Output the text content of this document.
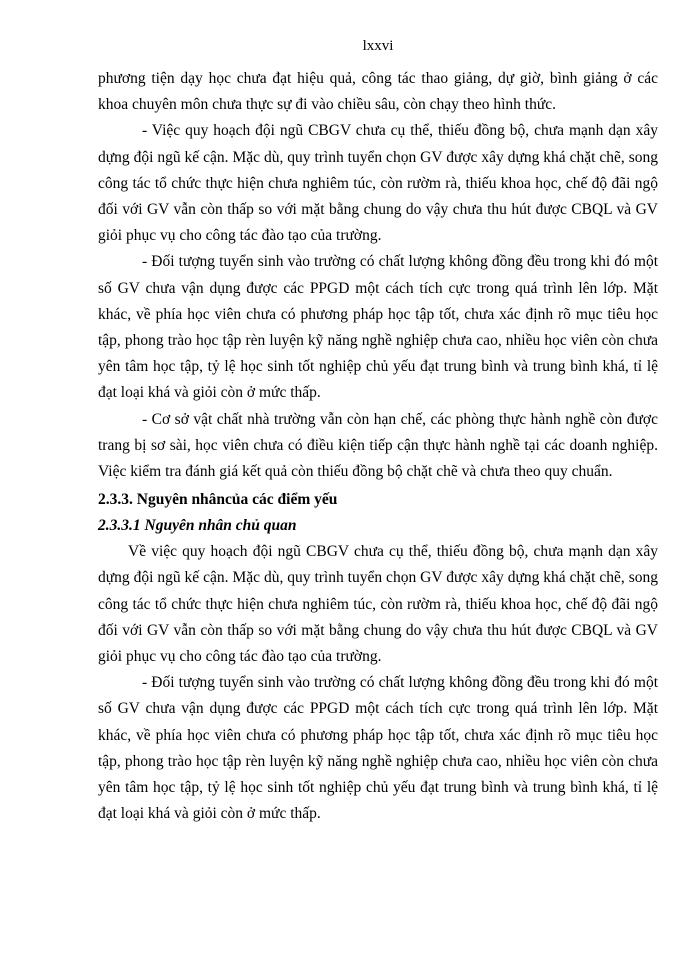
lxxvi

phương tiện dạy học chưa đạt hiệu quả, công tác thao giảng, dự giờ, bình giảng ở các khoa chuyên môn chưa thực sự đi vào chiều sâu, còn chạy theo hình thức.

- Việc quy hoạch đội ngũ CBGV chưa cụ thể, thiếu đồng bộ, chưa mạnh dạn xây dựng đội ngũ kế cận. Mặc dù, quy trình tuyển chọn GV được xây dựng khá chặt chẽ, song công tác tổ chức thực hiện chưa nghiêm túc, còn rườm rà, thiếu khoa học, chế độ đãi ngộ đối với GV vẫn còn thấp so với mặt bằng chung do vậy chưa thu hút được CBQL và GV giỏi phục vụ cho công tác đào tạo của trường.

- Đối tượng tuyển sinh vào trường có chất lượng không đồng đều trong khi đó một số GV chưa vận dụng được các PPGD một cách tích cực trong quá trình lên lớp. Mặt khác, về phía học viên chưa có phương pháp học tập tốt, chưa xác định rõ mục tiêu học tập, phong trào học tập rèn luyện kỹ năng nghề nghiệp chưa cao, nhiều học viên còn chưa yên tâm học tập, tỷ lệ học sinh tốt nghiệp chủ yếu đạt trung bình và trung bình khá, tỉ lệ đạt loại khá và giỏi còn ở mức thấp.

- Cơ sở vật chất nhà trường vẫn còn hạn chế, các phòng thực hành nghề còn được trang bị sơ sài, học viên chưa có điều kiện tiếp cận thực hành nghề tại các doanh nghiệp. Việc kiểm tra đánh giá kết quả còn thiếu đồng bộ chặt chẽ và chưa theo quy chuẩn.

2.3.3. Nguyên nhâncủa các điểm yếu
2.3.3.1 Nguyên nhân chủ quan

Về việc quy hoạch đội ngũ CBGV chưa cụ thể, thiếu đồng bộ, chưa mạnh dạn xây dựng đội ngũ kế cận. Mặc dù, quy trình tuyển chọn GV được xây dựng khá chặt chẽ, song công tác tổ chức thực hiện chưa nghiêm túc, còn rườm rà, thiếu khoa học, chế độ đãi ngộ đối với GV vẫn còn thấp so với mặt bằng chung do vậy chưa thu hút được CBQL và GV giỏi phục vụ cho công tác đào tạo của trường.

- Đối tượng tuyển sinh vào trường có chất lượng không đồng đều trong khi đó một số GV chưa vận dụng được các PPGD một cách tích cực trong quá trình lên lớp. Mặt khác, về phía học viên chưa có phương pháp học tập tốt, chưa xác định rõ mục tiêu học tập, phong trào học tập rèn luyện kỹ năng nghề nghiệp chưa cao, nhiều học viên còn chưa yên tâm học tập, tỷ lệ học sinh tốt nghiệp chủ yếu đạt trung bình và trung bình khá, tỉ lệ đạt loại khá và giỏi còn ở mức thấp.
